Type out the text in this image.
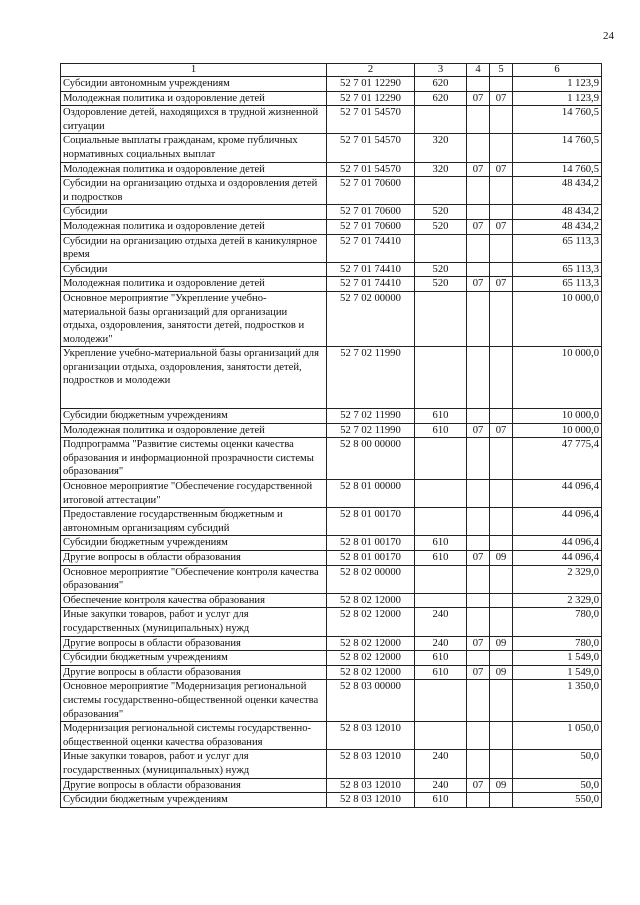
24
1	2	3	4	5	6
Субсидии автономным учреждениям	52 7 01 12290	620			1 123,9
Молодежная политика и оздоровление детей	52 7 01 12290	620	07	07	1 123,9
Оздоровление детей, находящихся в трудной жизненной ситуации	52 7 01 54570				14 760,5
Социальные выплаты гражданам, кроме публичных нормативных социальных выплат	52 7 01 54570	320			14 760,5
Молодежная политика и оздоровление детей	52 7 01 54570	320	07	07	14 760,5
Субсидии на организацию отдыха и оздоровления детей и подростков	52 7 01 70600				48 434,2
Субсидии	52 7 01 70600	520			48 434,2
Молодежная политика и оздоровление детей	52 7 01 70600	520	07	07	48 434,2
Субсидии на организацию отдыха детей в каникулярное время	52 7 01 74410				65 113,3
Субсидии	52 7 01 74410	520			65 113,3
Молодежная политика и оздоровление детей	52 7 01 74410	520	07	07	65 113,3
Основное мероприятие "Укрепление учебно-материальной базы организаций для организации отдыха, оздоровления, занятости детей, подростков и молодежи"	52 7 02 00000				10 000,0
Укрепление учебно-материальной базы организаций для организации отдыха, оздоровления, занятости детей, подростков и молодежи	52 7 02 11990				10 000,0
Субсидии бюджетным учреждениям	52 7 02 11990	610			10 000,0
Молодежная политика и оздоровление детей	52 7 02 11990	610	07	07	10 000,0
Подпрограмма "Развитие системы оценки качества образования и информационной прозрачности системы образования"	52 8 00 00000				47 775,4
Основное мероприятие "Обеспечение государственной итоговой аттестации"	52 8 01 00000				44 096,4
Предоставление государственным бюджетным и автономным организациям субсидий	52 8 01 00170				44 096,4
Субсидии бюджетным учреждениям	52 8 01 00170	610			44 096,4
Другие вопросы в области образования	52 8 01 00170	610	07	09	44 096,4
Основное мероприятие "Обеспечение контроля качества образования"	52 8 02 00000				2 329,0
Обеспечение контроля качества образования	52 8 02 12000				2 329,0
Иные закупки товаров, работ и услуг для государственных (муниципальных) нужд	52 8 02 12000	240			780,0
Другие вопросы в области образования	52 8 02 12000	240	07	09	780,0
Субсидии бюджетным учреждениям	52 8 02 12000	610			1 549,0
Другие вопросы в области образования	52 8 02 12000	610	07	09	1 549,0
Основное мероприятие "Модернизация региональной системы государственно-общественной оценки качества образования"	52 8 03 00000				1 350,0
Модернизация региональной системы государственно-общественной оценки качества образования	52 8 03 12010				1 050,0
Иные закупки товаров, работ и услуг для государственных (муниципальных) нужд	52 8 03 12010	240			50,0
Другие вопросы в области образования	52 8 03 12010	240	07	09	50,0
Субсидии бюджетным учреждениям	52 8 03 12010	610			550,0
